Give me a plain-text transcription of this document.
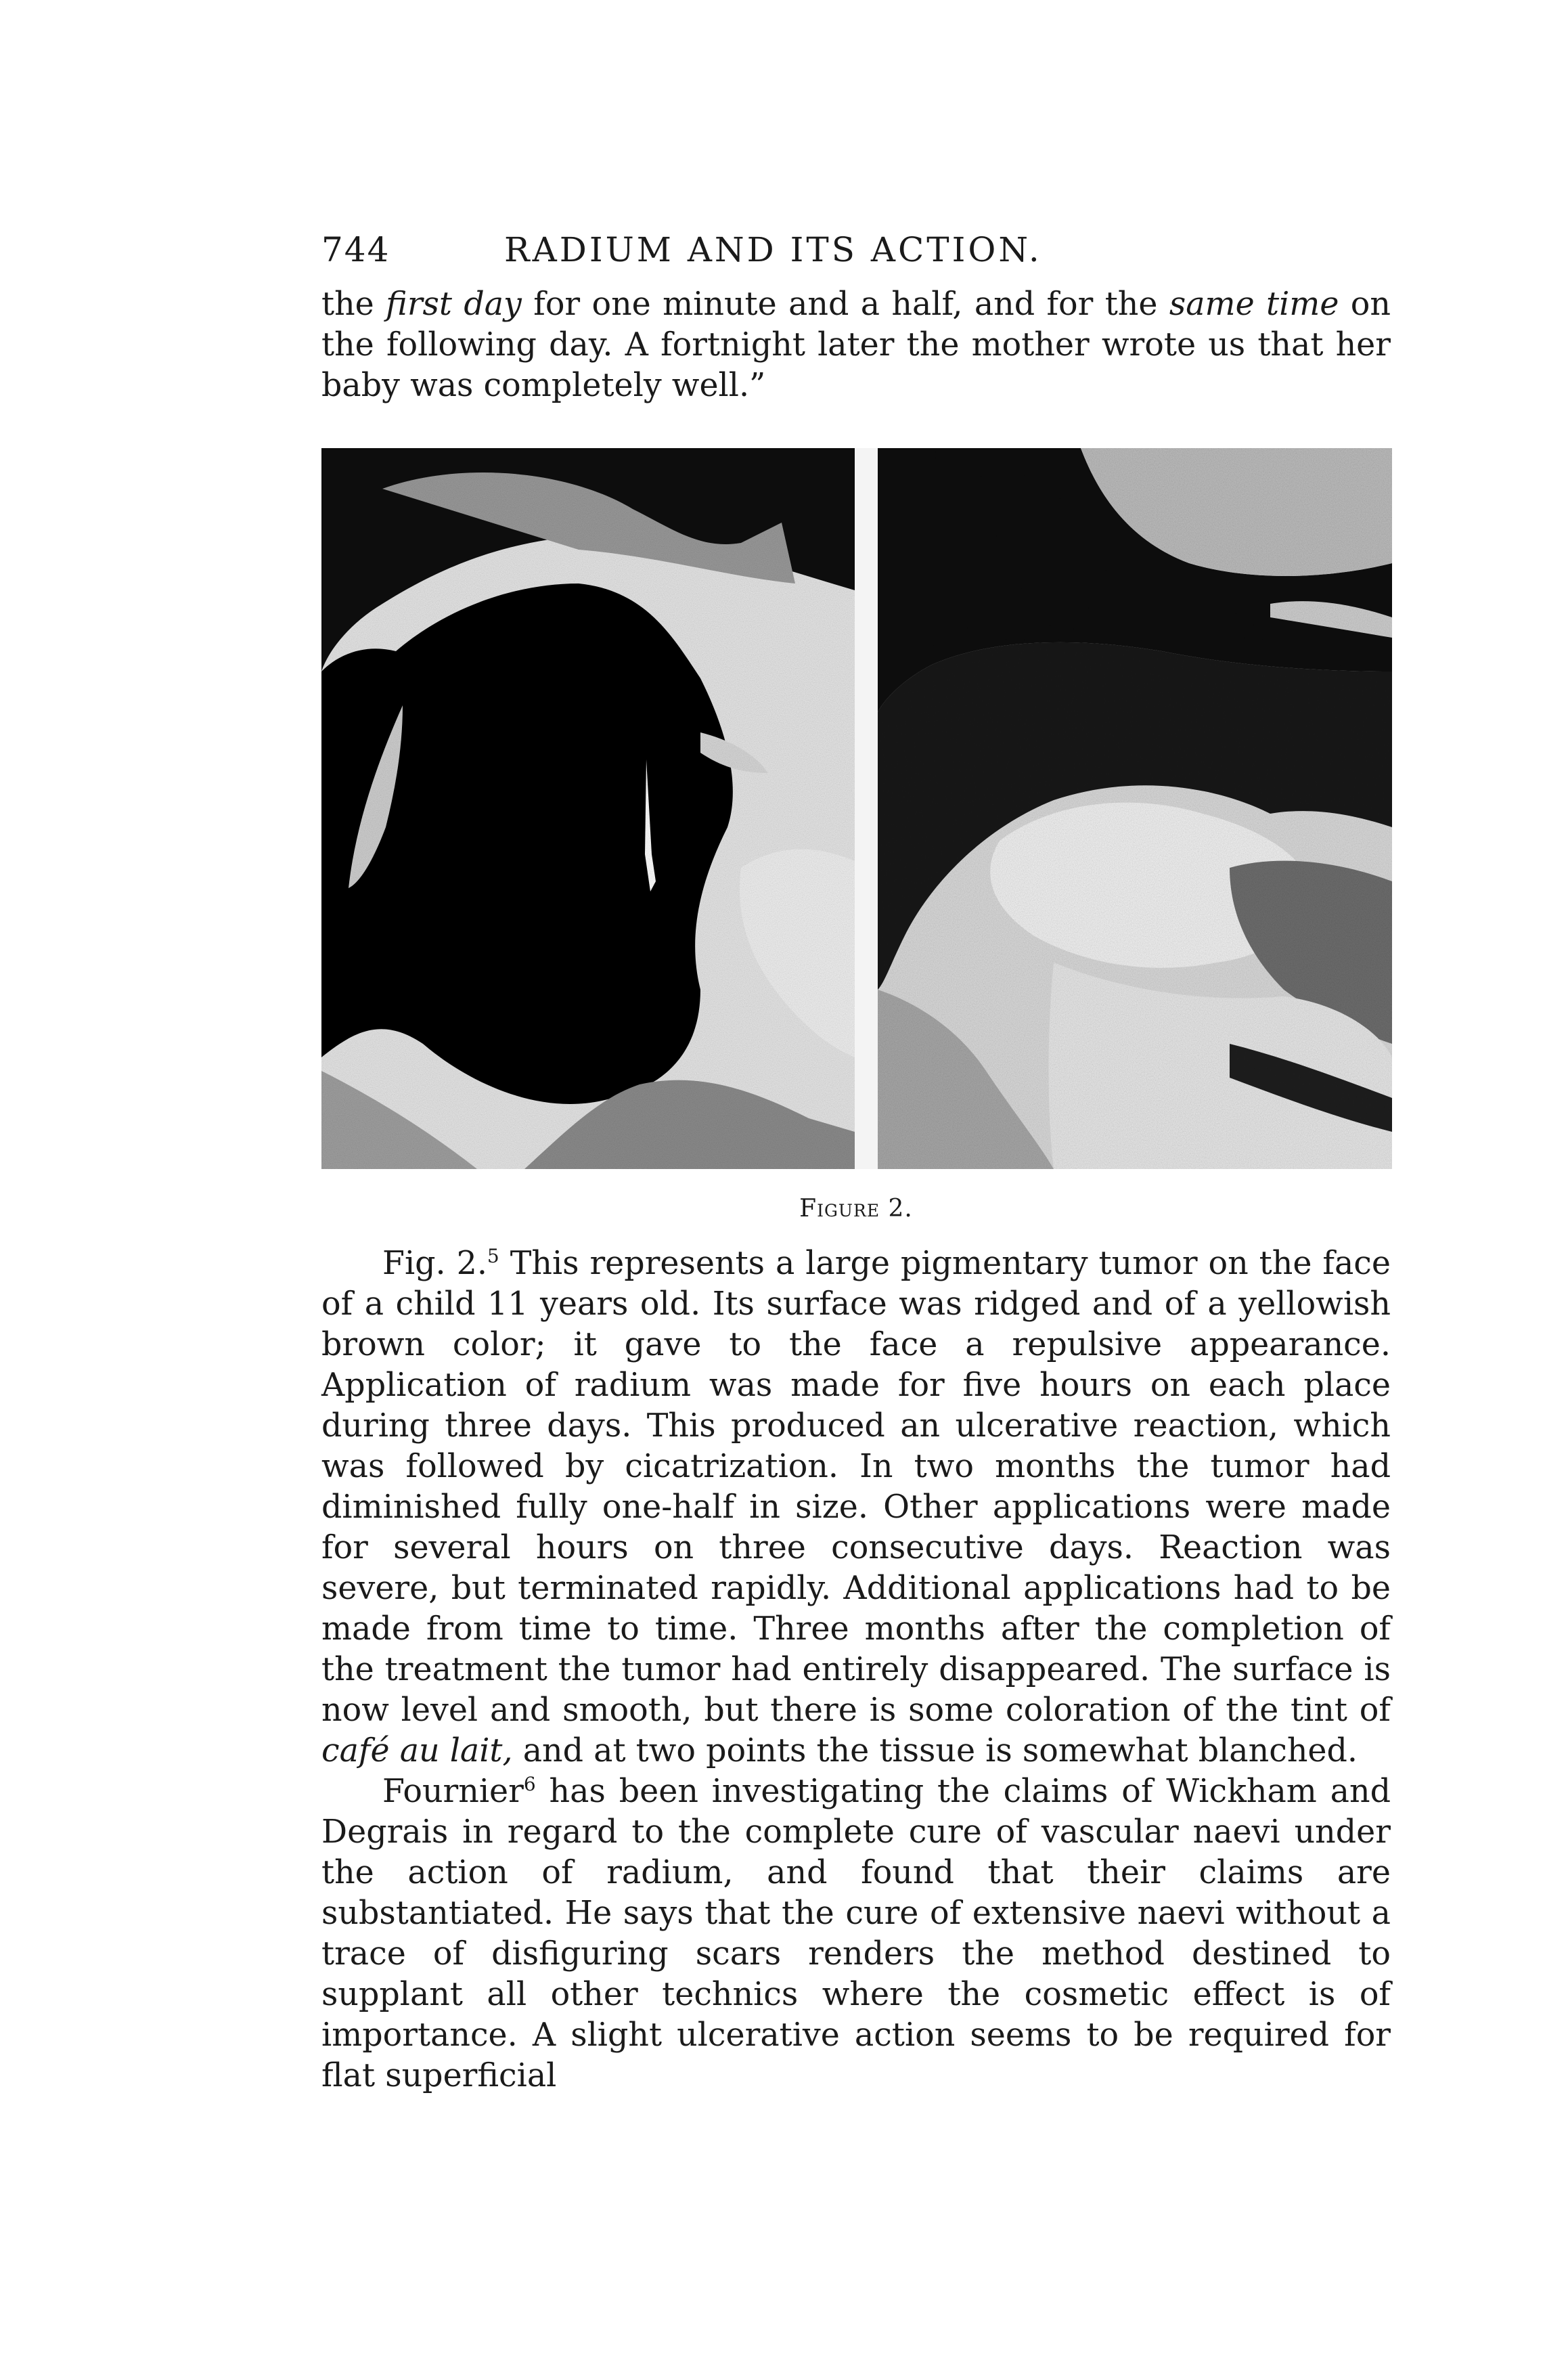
744	RADIUM AND ITS ACTION.

the first day for one minute and a half, and for the same time on the following day. A fortnight later the mother wrote us that her baby was completely well.”

Figure 2.

Fig. 2.$^5$ This represents a large pigmentary tumor on the face of a child 11 years old. Its surface was ridged and of a yellowish brown color; it gave to the face a repulsive appearance. Application of radium was made for five hours on each place during three days. This produced an ulcerative reaction, which was followed by cicatrization. In two months the tumor had diminished fully one-half in size. Other applications were made for several hours on three consecutive days. Reaction was severe, but terminated rapidly. Additional applications had to be made from time to time. Three months after the completion of the treatment the tumor had entirely disappeared. The surface is now level and smooth, but there is some coloration of the tint of café au lait, and at two points the tissue is somewhat blanched.

Fournier$^6$ has been investigating the claims of Wickham and Degrais in regard to the complete cure of vascular naevi under the action of radium, and found that their claims are substantiated. He says that the cure of extensive naevi without a trace of disfiguring scars renders the method destined to supplant all other technics where the cosmetic effect is of importance. A slight ulcerative action seems to be required for flat superficial
